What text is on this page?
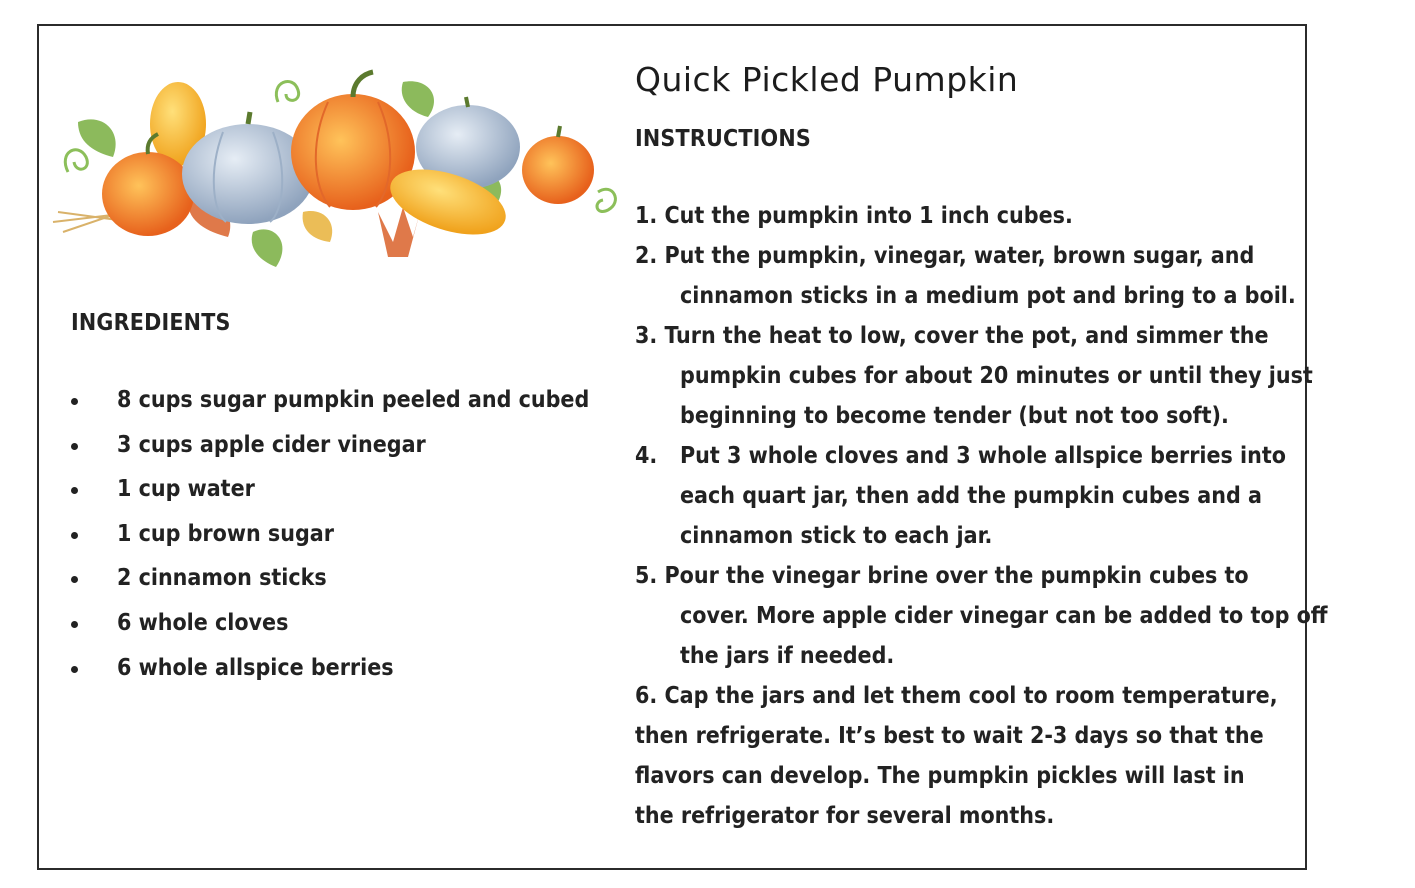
Quick Pickled Pumpkin
INGREDIENTS
8 cups sugar pumpkin peeled and cubed
3 cups apple cider vinegar
1 cup water
1 cup brown sugar
2 cinnamon sticks
6 whole cloves
6 whole allspice berries
INSTRUCTIONS
1. Cut the pumpkin into 1 inch cubes.
2. Put the pumpkin, vinegar, water, brown sugar, and
cinnamon sticks in a medium pot and bring to a boil.
3. Turn the heat to low, cover the pot, and simmer the
pumpkin cubes for about 20 minutes or until they just
beginning to become tender (but not too soft).
4. Put 3 whole cloves and 3 whole allspice berries into
each quart jar, then add the pumpkin cubes and a
cinnamon stick to each jar.
5. Pour the vinegar brine over the pumpkin cubes to
cover. More apple cider vinegar can be added to top off
the jars if needed.
6. Cap the jars and let them cool to room temperature,
then refrigerate. It’s best to wait 2-3 days so that the
flavors can develop. The pumpkin pickles will last in
the refrigerator for several months.
